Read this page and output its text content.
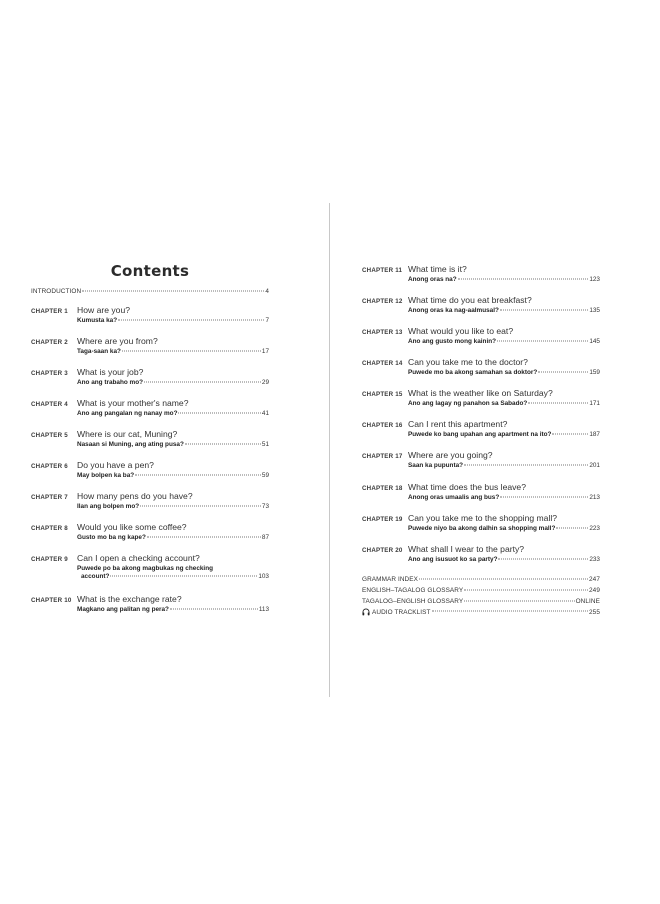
Contents
INTRODUCTION	4
CHAPTER 1 How are you?
Kumusta ka?	7
CHAPTER 2 Where are you from?
Taga-saan ka?	17
CHAPTER 3 What is your job?
Ano ang trabaho mo?	29
CHAPTER 4 What is your mother's name?
Ano ang pangalan ng nanay mo?	41
CHAPTER 5 Where is our cat, Muning?
Nasaan si Muning, ang ating pusa?	51
CHAPTER 6 Do you have a pen?
May bolpen ka ba?	59
CHAPTER 7 How many pens do you have?
Ilan ang bolpen mo?	73
CHAPTER 8 Would you like some coffee?
Gusto mo ba ng kape?	87
CHAPTER 9 Can I open a checking account?
Puwede po ba akong magbukas ng checking
account?	103
CHAPTER 10 What is the exchange rate?
Magkano ang palitan ng pera?	113
CHAPTER 11 What time is it?
Anong oras na?	123
CHAPTER 12 What time do you eat breakfast?
Anong oras ka nag-aalmusal?	135
CHAPTER 13 What would you like to eat?
Ano ang gusto mong kainin?	145
CHAPTER 14 Can you take me to the doctor?
Puwede mo ba akong samahan sa doktor?	159
CHAPTER 15 What is the weather like on Saturday?
Ano ang lagay ng panahon sa Sabado?	171
CHAPTER 16 Can I rent this apartment?
Puwede ko bang upahan ang apartment na ito?	187
CHAPTER 17 Where are you going?
Saan ka pupunta?	201
CHAPTER 18 What time does the bus leave?
Anong oras umaalis ang bus?	213
CHAPTER 19 Can you take me to the shopping mall?
Puwede niyo ba akong dalhin sa shopping mall?	223
CHAPTER 20 What shall I wear to the party?
Ano ang isusuot ko sa party?	233
GRAMMAR INDEX	247
ENGLISH–TAGALOG GLOSSARY	249
TAGALOG–ENGLISH GLOSSARY	ONLINE
AUDIO TRACKLIST	255
